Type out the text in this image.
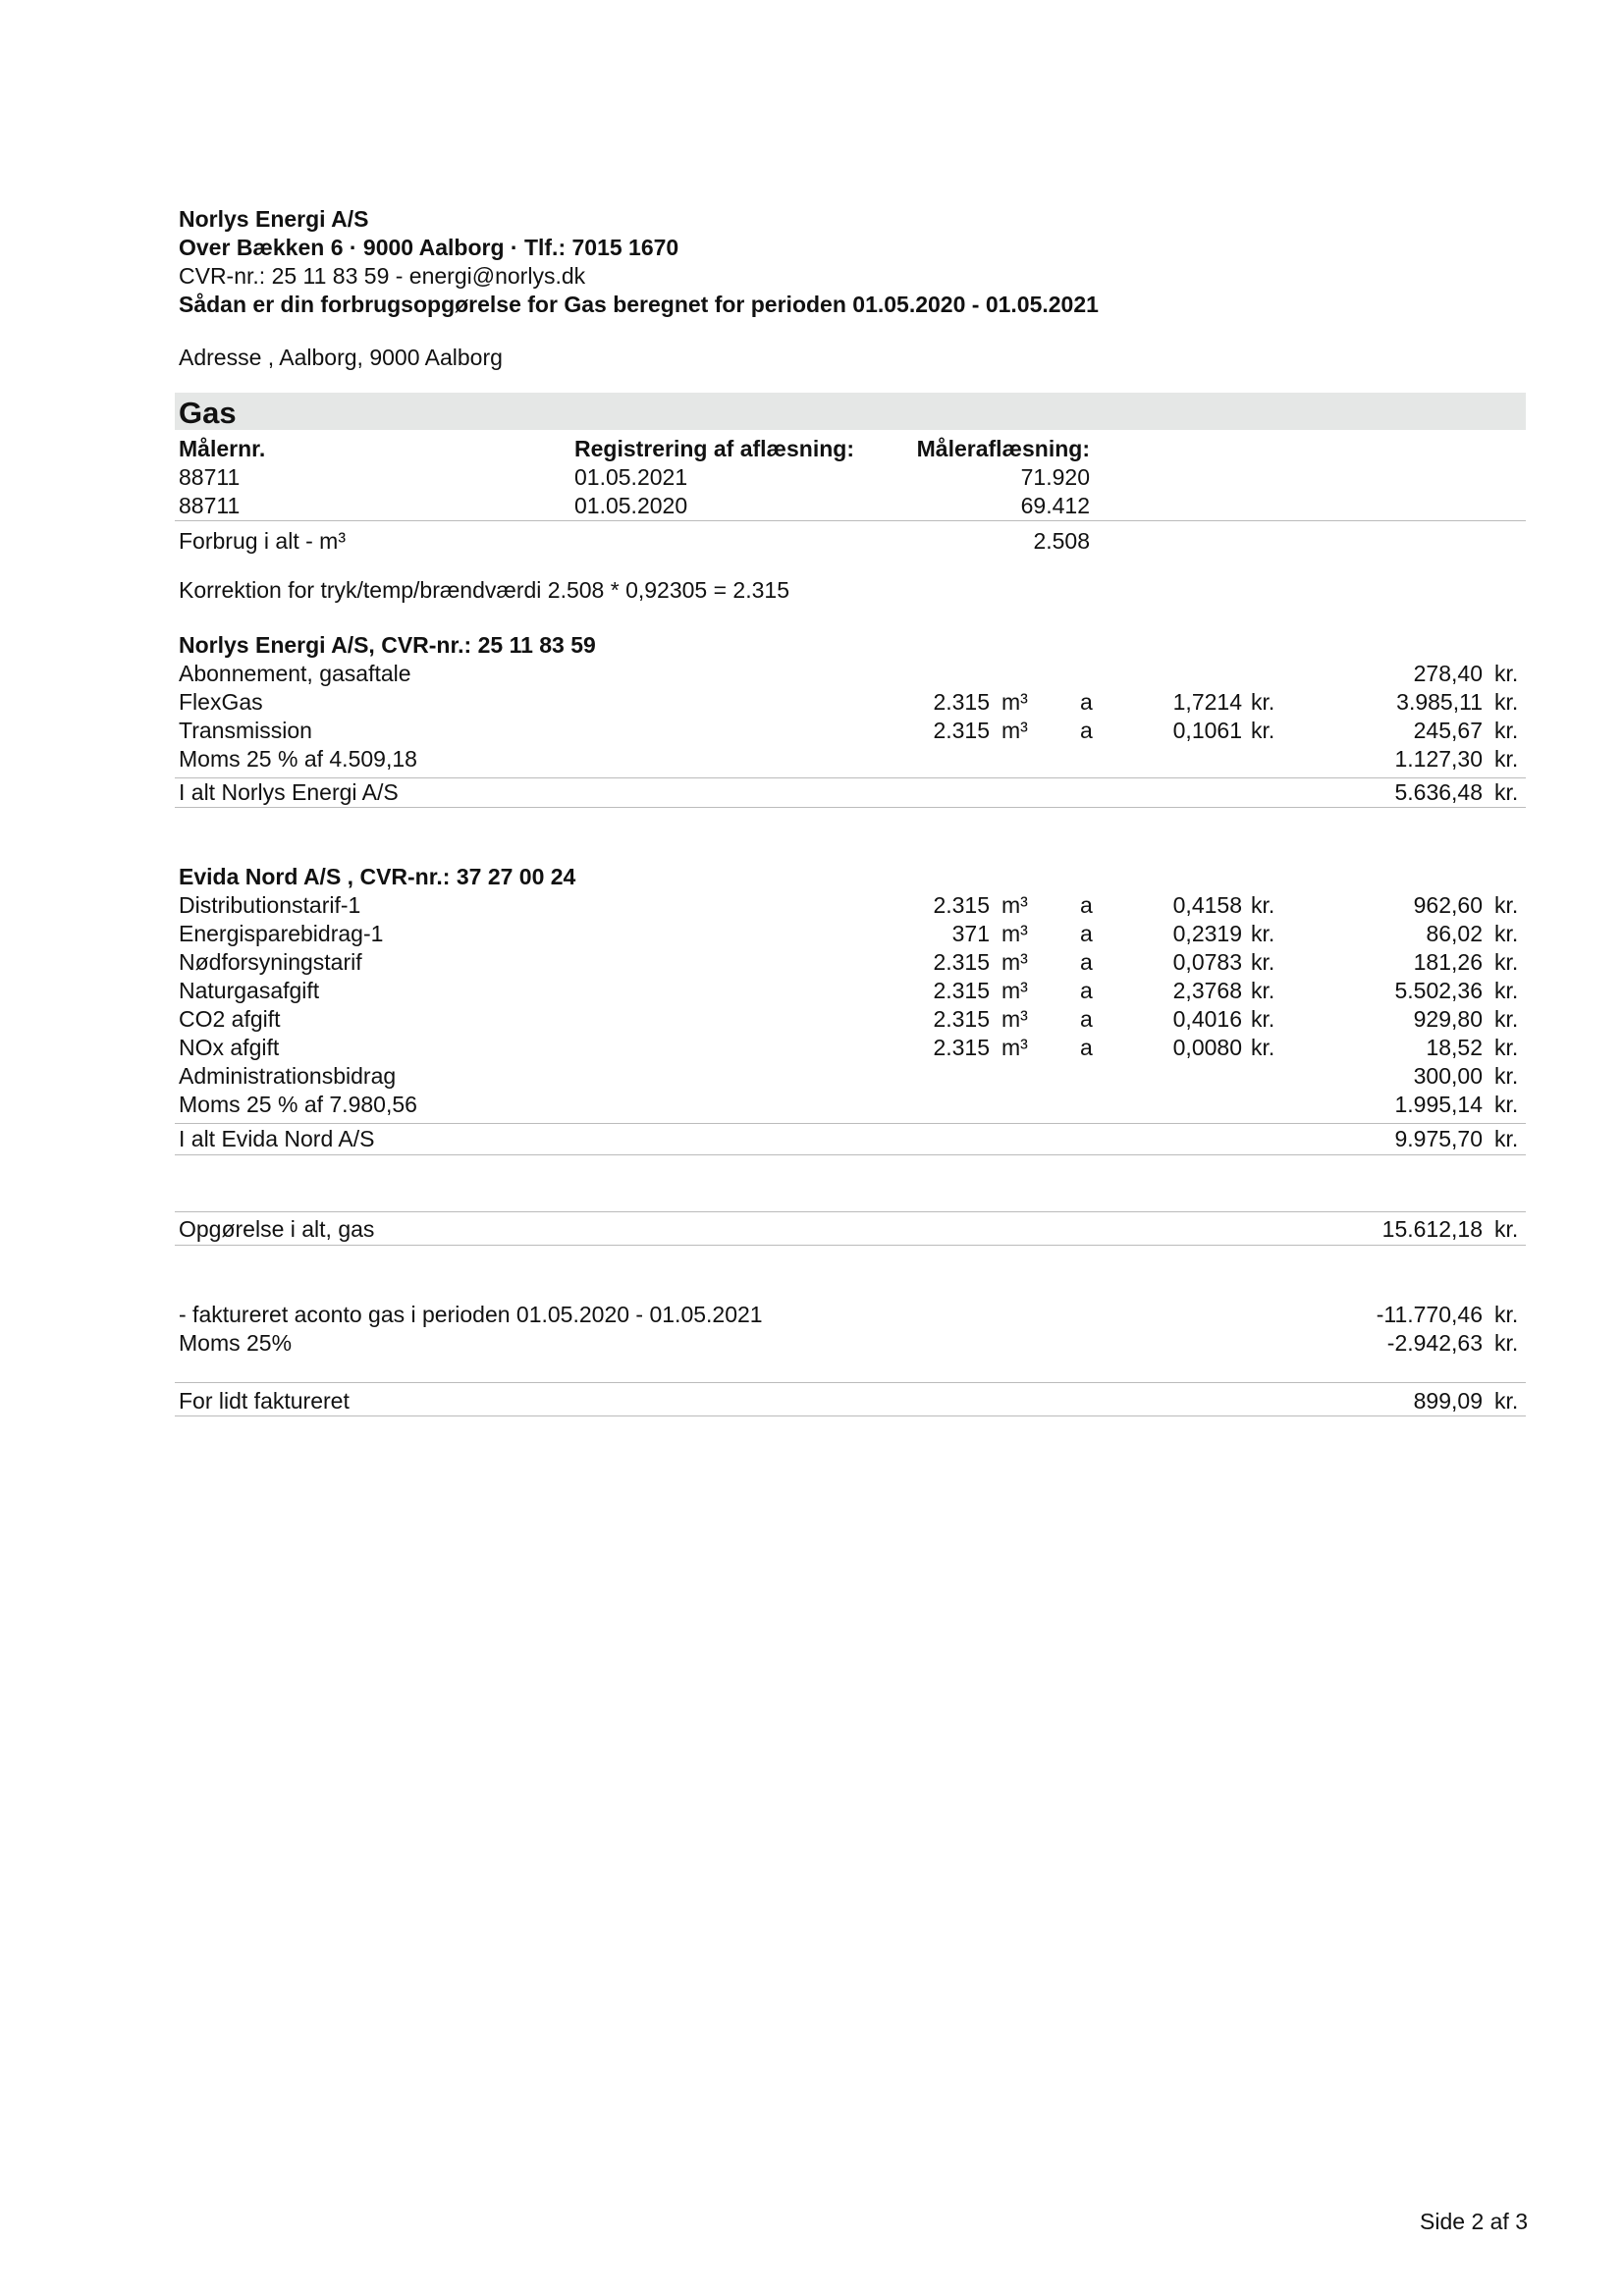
Norlys Energi A/S
Over Bækken 6 · 9000 Aalborg · Tlf.: 7015 1670
CVR-nr.: 25 11 83 59 - energi@norlys.dk
Sådan er din forbrugsopgørelse for Gas beregnet for perioden 01.05.2020 - 01.05.2021
Adresse , Aalborg, 9000 Aalborg
Gas
Målernr.	Registrering af aflæsning:	Måleraflæsning:
88711	01.05.2021	71.920
88711	01.05.2020	69.412
Forbrug i alt - m³	2.508
Korrektion for tryk/temp/brændværdi 2.508 * 0,92305 = 2.315
Norlys Energi A/S, CVR-nr.: 25 11 83 59
Abonnement, gasaftale	278,40 kr.
FlexGas	2.315 m³ a	1,7214 kr.	3.985,11 kr.
Transmission	2.315 m³ a	0,1061 kr.	245,67 kr.
Moms 25 % af 4.509,18	1.127,30 kr.
I alt Norlys Energi A/S	5.636,48 kr.
Evida Nord A/S , CVR-nr.: 37 27 00 24
Distributionstarif-1	2.315 m³ a	0,4158 kr.	962,60 kr.
Energisparebidrag-1	371 m³ a	0,2319 kr.	86,02 kr.
Nødforsyningstarif	2.315 m³ a	0,0783 kr.	181,26 kr.
Naturgasafgift	2.315 m³ a	2,3768 kr.	5.502,36 kr.
CO2 afgift	2.315 m³ a	0,4016 kr.	929,80 kr.
NOx afgift	2.315 m³ a	0,0080 kr.	18,52 kr.
Administrationsbidrag	300,00 kr.
Moms 25 % af 7.980,56	1.995,14 kr.
I alt Evida Nord A/S	9.975,70 kr.
Opgørelse i alt, gas	15.612,18 kr.
- faktureret aconto gas i perioden 01.05.2020 - 01.05.2021	-11.770,46 kr.
Moms 25%	-2.942,63 kr.
For lidt faktureret	899,09 kr.
Side 2 af 3
